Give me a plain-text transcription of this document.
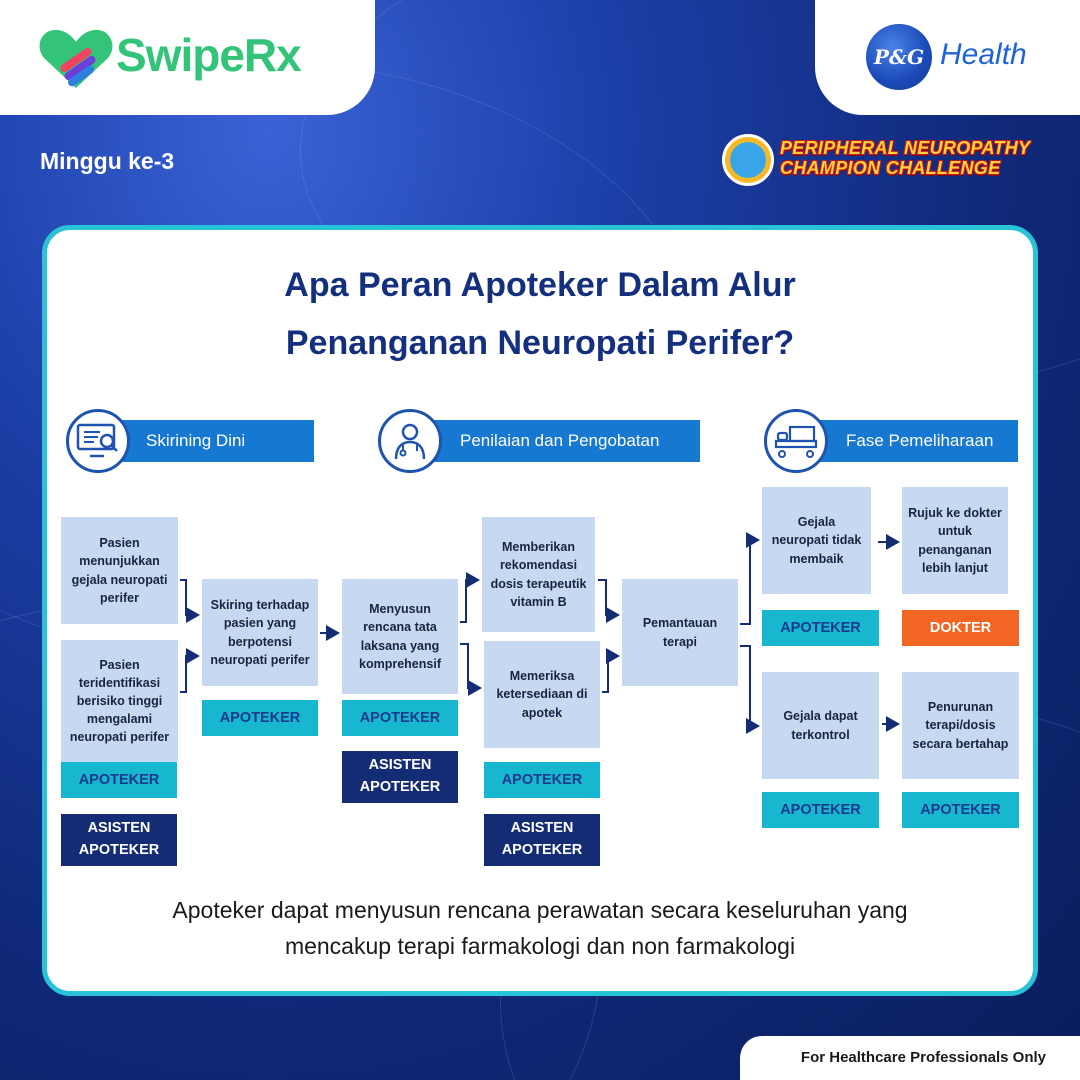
SwipeRx	P&G Health
Minggu ke-3	PERIPHERAL NEUROPATHY
CHAMPION CHALLENGE
Apa Peran Apoteker Dalam Alur
Penanganan Neuropati Perifer?
Skirining Dini	Penilaian dan Pengobatan	Fase Pemeliharaan
Pasien menunjukkan gejala neuropati perifer
Pasien teridentifikasi berisiko tinggi mengalami neuropati perifer
APOTEKER
ASISTEN
APOTEKER
Skiring terhadap pasien yang berpotensi neuropati perifer
APOTEKER
Menyusun rencana tata laksana yang komprehensif
APOTEKER
ASISTEN
APOTEKER
Memberikan rekomendasi dosis terapeutik vitamin B
Memeriksa ketersediaan di apotek
APOTEKER
ASISTEN
APOTEKER
Pemantauan terapi
Gejala neuropati tidak membaik
APOTEKER
Rujuk ke dokter untuk penanganan lebih lanjut
DOKTER
Gejala dapat terkontrol
APOTEKER
Penurunan terapi/dosis secara bertahap
APOTEKER
Apoteker dapat menyusun rencana perawatan secara keseluruhan yang
mencakup terapi farmakologi dan non farmakologi
For Healthcare Professionals Only
